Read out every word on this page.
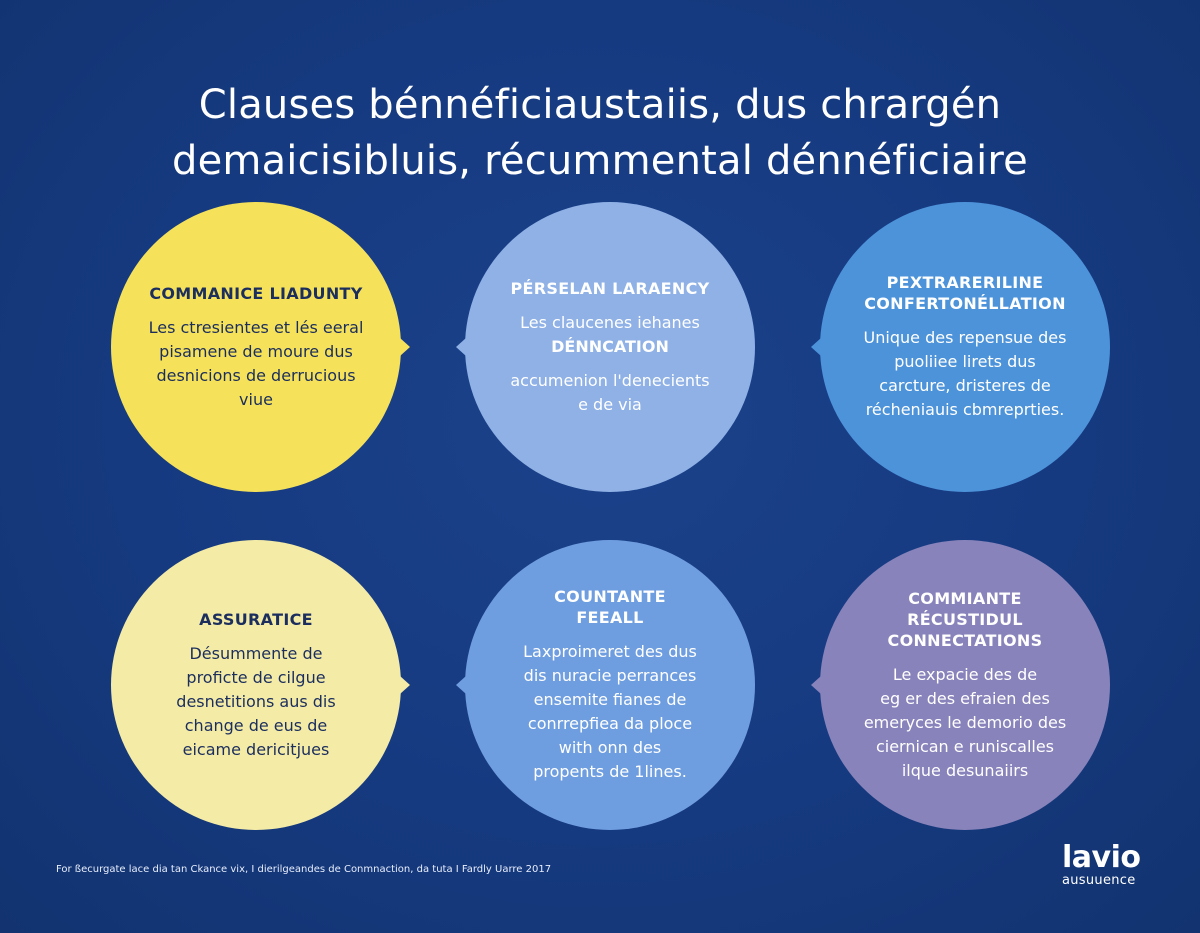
Clauses bénnéficiaustaiis, dus chrargén
demaicisibluis, récummental dénnéficiaire
COMMANICE LIADUNTY
Les ctresientes et lés eeral
pisamene de moure dus
desnicions de derrucious
viue
PÉRSELAN LARAENCY
Les claucenes iehanes
DÉNNCATION
accumenion l'denecients
e de via
PEXTRARERILINE
CONFERTONÉLLATION
Unique des repensue des
puoliiee lirets dus
carcture, dristeres de
récheniauis cbmreprties.
ASSURATICE
Désummente de
proficte de cilgue
desnetitions aus dis
change de eus de
eicame dericitjues
COUNTANTE
FEEALL
Laxproimeret des dus
dis nuracie perrances
ensemite fianes de
conrrepfiea da ploce
with onn des
propents de 1lines.
COMMIANTE
RÉCUSTIDUL
CONNECTATIONS
Le expacie des de
eg er des efraien des
emeryces le demorio des
ciernican e runiscalles
ilque desunaiirs
For ßecurgate lace dia tan Ckance vix, I dierilgeandes de Conmnaction, da tuta I Fardly Uarre 2017	lavio
ausuuence
